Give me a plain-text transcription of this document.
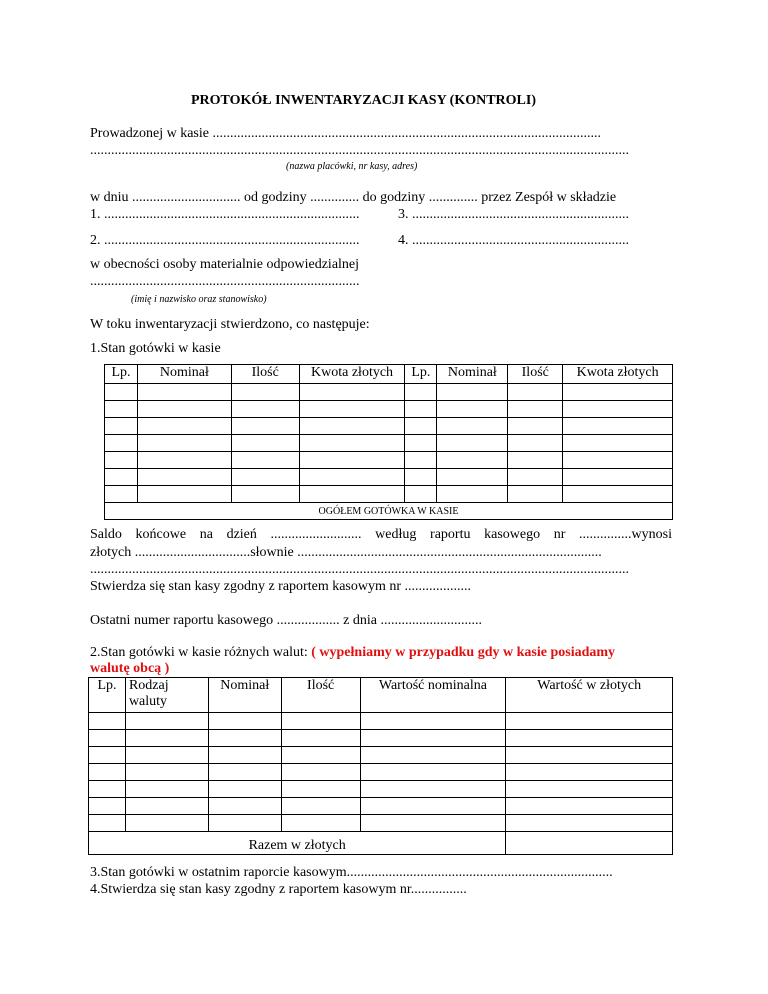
PROTOKÓŁ INWENTARYZACJI KASY (KONTROLI)
Prowadzonej w kasie ...............................................................................................................
..........................................................................................................................................................
(nazwa placówki, nr kasy, adres)
w dniu ............................... od godziny .............. do godziny .............. przez Zespół w składzie
1. .........................................................................	3. ..............................................................
2. .........................................................................	4. ..............................................................
w obecności osoby materialnie odpowiedzialnej
.............................................................................
(imię i nazwisko oraz stanowisko)
W toku inwentaryzacji stwierdzono, co następuje:
1.Stan gotówki w kasie
Lp.	Nominał	Ilość	Kwota złotych	Lp.	Nominał	Ilość	Kwota złotych

OGÓŁEM GOTÓWKA W KASIE							
Saldo końcowe na dzień .......................... według raportu kasowego nr ...............wynosi
złotych .................................słownie .......................................................................................
..........................................................................................................................................................
Stwierdza się stan kasy zgodny z raportem kasowym nr ...................
Ostatni numer raportu kasowego .................. z dnia .............................
2.Stan gotówki w kasie różnych walut: ( wypełniamy w przypadku gdy w kasie posiadamy
walutę obcą )
Lp.	Rodzaj waluty	Nominał	Ilość	Wartość nominalna	Wartość w złotych

Razem w złotych					
3.Stan gotówki w ostatnim raporcie kasowym............................................................................
4.Stwierdza się stan kasy zgodny z raportem kasowym nr................
